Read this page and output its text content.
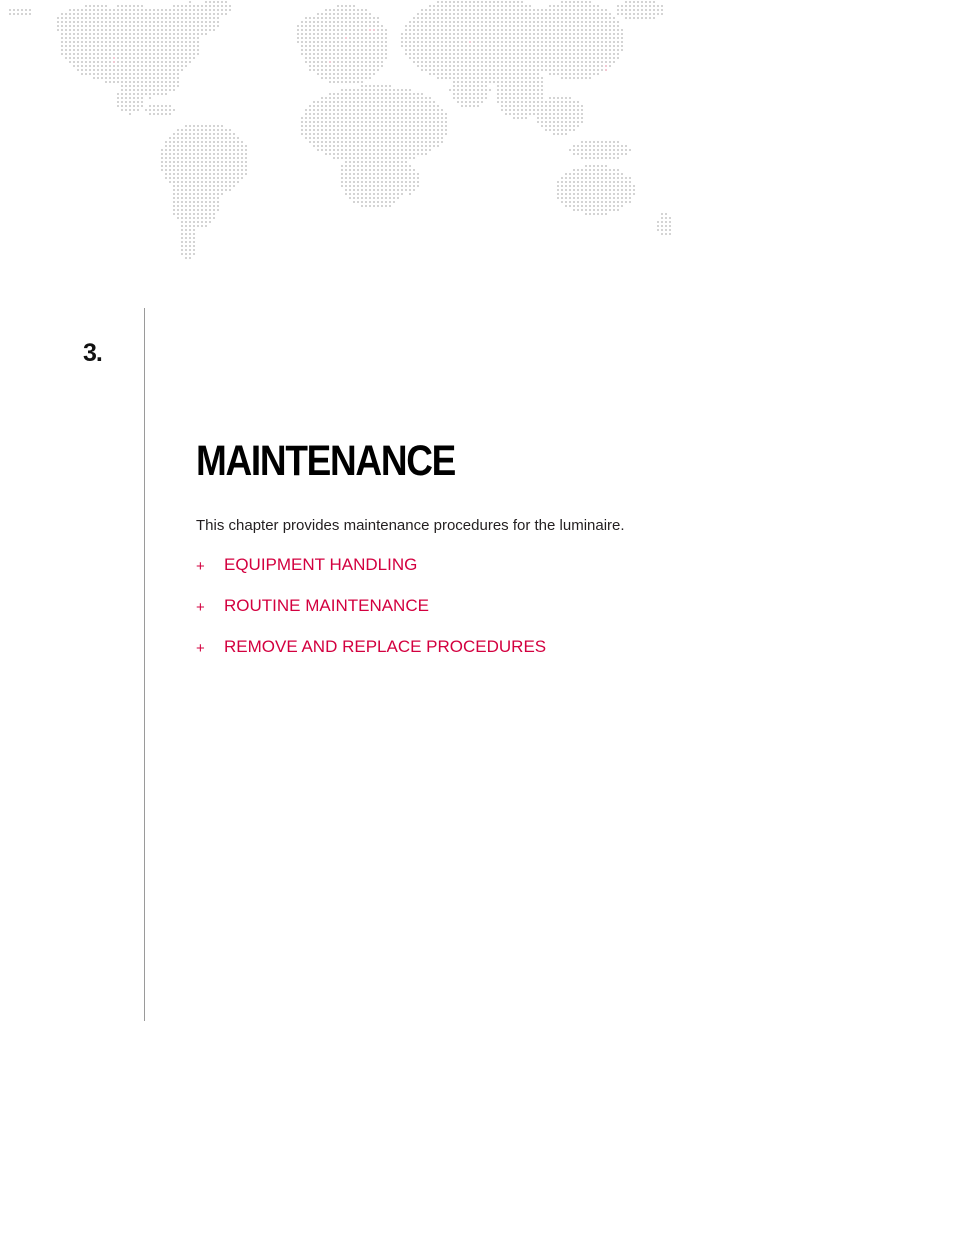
3.
MAINTENANCE

This chapter provides maintenance procedures for the luminaire.

+	EQUIPMENT HANDLING
+	ROUTINE MAINTENANCE
+	REMOVE AND REPLACE PROCEDURES
